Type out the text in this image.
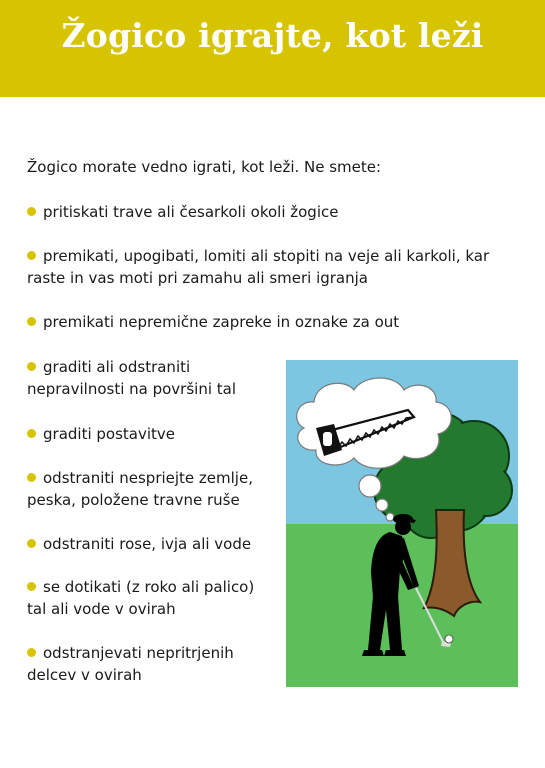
Žogico igrajte, kot leži
Žogico morate vedno igrati, kot leži. Ne smete:
pritiskati trave ali česarkoli okoli žogice
premikati, upogibati, lomiti ali stopiti na veje ali karkoli, kar raste in vas moti pri zamahu ali smeri igranja
premikati nepremične zapreke in oznake za out
graditi ali odstraniti nepravilnosti na površini tal
graditi postavitve
odstraniti nespriejte zemlje, peska, položene travne ruše
odstraniti rose, ivja ali vode
se dotikati (z roko ali palico) tal ali vode v ovirah
odstranjevati nepritrjenih delcev v ovirah
